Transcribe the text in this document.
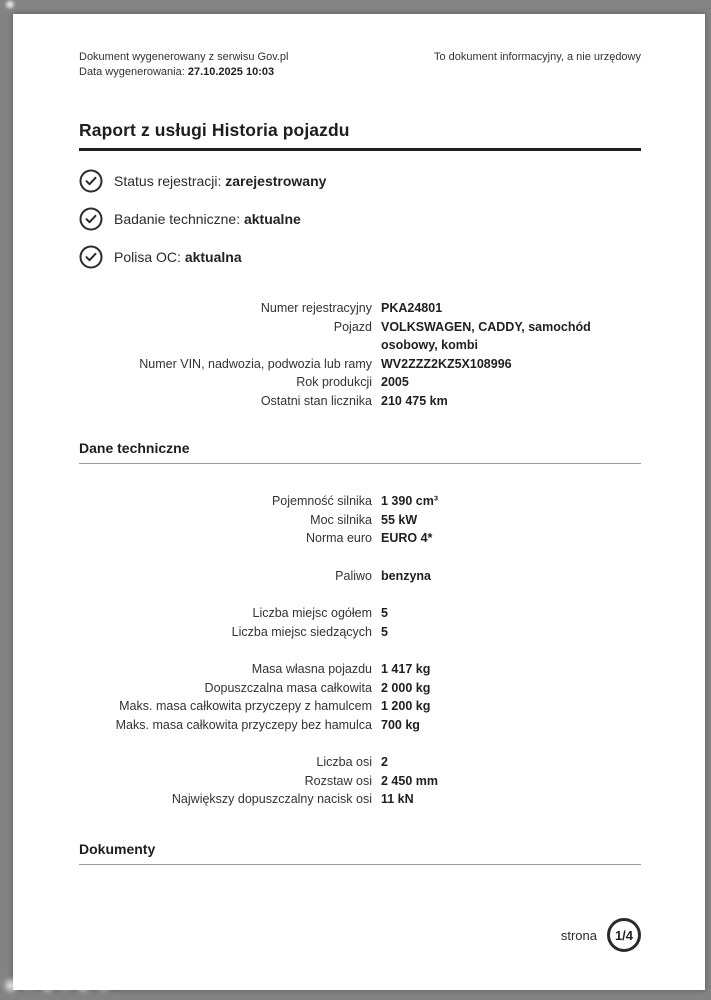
Dokument wygenerowany z serwisu Gov.pl
Data wygenerowania: 27.10.2025 10:03
To dokument informacyjny, a nie urzędowy
Raport z usługi Historia pojazdu
Status rejestracji: zarejestrowany
Badanie techniczne: aktualne
Polisa OC: aktualna
Numer rejestracyjny PKA24801
Pojazd VOLKSWAGEN, CADDY, samochód osobowy, kombi
Numer VIN, nadwozia, podwozia lub ramy WV2ZZZ2KZ5X108996
Rok produkcji 2005
Ostatni stan licznika 210 475 km
Dane techniczne
Pojemność silnika 1 390 cm³
Moc silnika 55 kW
Norma euro EURO 4*
Paliwo benzyna
Liczba miejsc ogółem 5
Liczba miejsc siedzących 5
Masa własna pojazdu 1 417 kg
Dopuszczalna masa całkowita 2 000 kg
Maks. masa całkowita przyczepy z hamulcem 1 200 kg
Maks. masa całkowita przyczepy bez hamulca 700 kg
Liczba osi 2
Rozstaw osi 2 450 mm
Największy dopuszczalny nacisk osi 11 kN
Dokumenty
strona	1/4
